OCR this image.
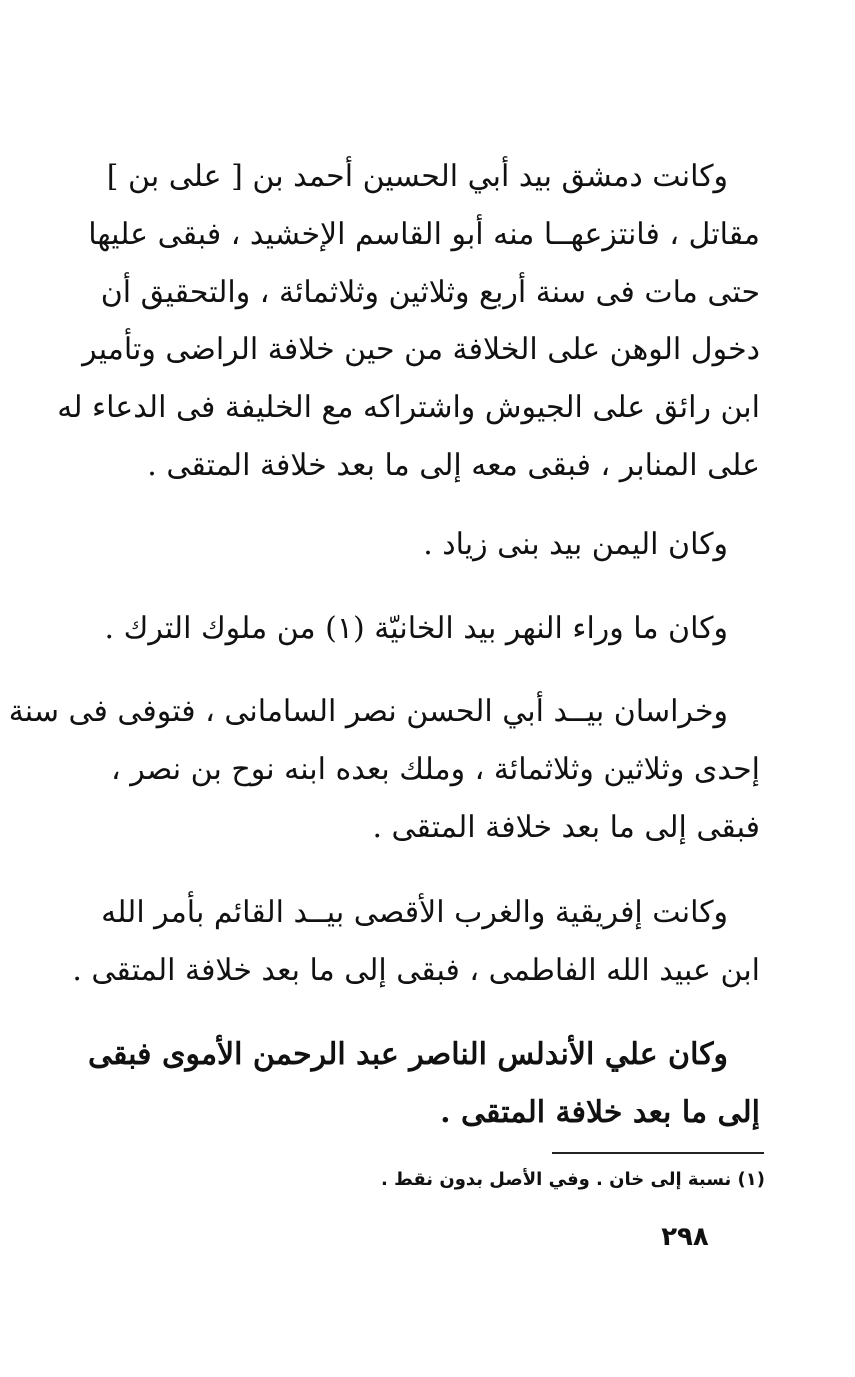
وكانت دمشق بيد أبي الحسين أحمد بن [ على بن ]
مقاتل ، فانتزعهــا منه أبو القاسم الإخشيد ، فبقى عليها
حتى مات فى سنة أربع وثلاثين وثلاثمائة ، والتحقيق أن
دخول الوهن على الخلافة من حين خلافة الراضى وتأمير
ابن رائق على الجيوش واشتراكه مع الخليفة فى الدعاء له
على المنابر ، فبقى معه إلى ما بعد خلافة المتقى .
وكان اليمن بيد بنى زياد .
وكان ما وراء النهر بيد الخانيّة (١) من ملوك الترك .
وخراسان بيــد أبي الحسن نصر السامانى ، فتوفى فى سنة
إحدى وثلاثين وثلاثمائة ، وملك بعده ابنه نوح بن نصر ،
فبقى إلى ما بعد خلافة المتقى .
وكانت إفريقية والغرب الأقصى بيــد القائم بأمر الله
ابن عبيد الله الفاطمى ، فبقى إلى ما بعد خلافة المتقى .
وكان علي الأندلس الناصر عبد الرحمن الأموى فبقى
إلى ما بعد خلافة المتقى .
(١) نسبة إلى خان . وفي الأصل بدون نقط .
٢٩٨
